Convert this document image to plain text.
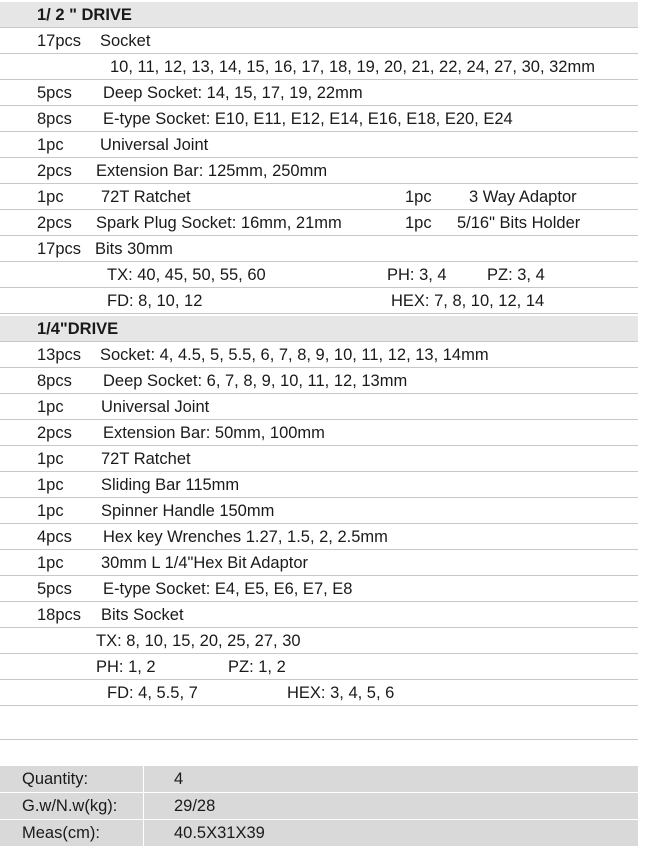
1/ 2 " DRIVE
17pcs Socket
10, 11, 12, 13, 14, 15, 16, 17, 18, 19, 20, 21, 22, 24, 27, 30, 32mm
5pcs Deep Socket: 14, 15, 17, 19, 22mm
8pcs E-type Socket: E10, E11, E12, E14, E16, E18, E20, E24
1pc Universal Joint
2pcs Extension Bar: 125mm, 250mm
1pc 72T Ratchet	1pc 3 Way Adaptor
2pcs Spark Plug Socket: 16mm, 21mm	1pc 5/16" Bits Holder
17pcs Bits 30mm
TX: 40, 45, 50, 55, 60	PH: 3, 4 PZ: 3, 4
FD: 8, 10, 12	HEX: 7, 8, 10, 12, 14
1/4"DRIVE
13pcs Socket: 4, 4.5, 5, 5.5, 6, 7, 8, 9, 10, 11, 12, 13, 14mm
8pcs Deep Socket: 6, 7, 8, 9, 10, 11, 12, 13mm
1pc Universal Joint
2pcs Extension Bar: 50mm, 100mm
1pc 72T Ratchet
1pc Sliding Bar 115mm
1pc Spinner Handle 150mm
4pcs Hex key Wrenches 1.27, 1.5, 2, 2.5mm
1pc 30mm L 1/4"Hex Bit Adaptor
5pcs E-type Socket: E4, E5, E6, E7, E8
18pcs Bits Socket
TX: 8, 10, 15, 20, 25, 27, 30
PH: 1, 2	PZ: 1, 2
FD: 4, 5.5, 7	HEX: 3, 4, 5, 6
Quantity:	4
G.w/N.w(kg):	29/28
Meas(cm):	40.5X31X39
